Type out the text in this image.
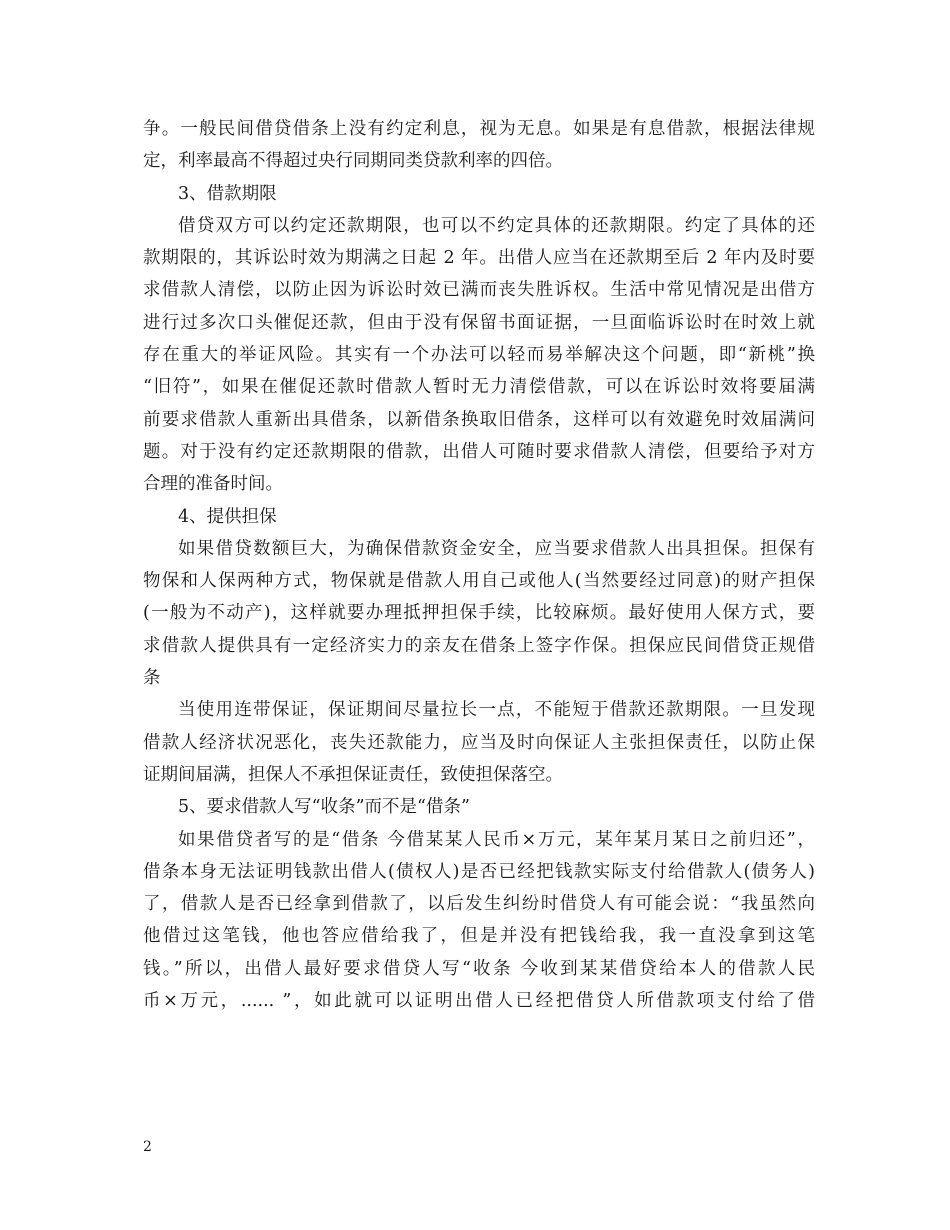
争。一般民间借贷借条上没有约定利息，视为无息。如果是有息借款，根据法律规
定，利率最高不得超过央行同期同类贷款利率的四倍。
3、借款期限
借贷双方可以约定还款期限，也可以不约定具体的还款期限。约定了具体的还
款期限的，其诉讼时效为期满之日起 2 年。出借人应当在还款期至后 2 年内及时要
求借款人清偿，以防止因为诉讼时效已满而丧失胜诉权。生活中常见情况是出借方
进行过多次口头催促还款，但由于没有保留书面证据，一旦面临诉讼时在时效上就
存在重大的举证风险。其实有一个办法可以轻而易举解决这个问题，即“新桃”换
“旧符”，如果在催促还款时借款人暂时无力清偿借款，可以在诉讼时效将要届满
前要求借款人重新出具借条，以新借条换取旧借条，这样可以有效避免时效届满问
题。对于没有约定还款期限的借款，出借人可随时要求借款人清偿，但要给予对方
合理的准备时间。
4、提供担保
如果借贷数额巨大，为确保借款资金安全，应当要求借款人出具担保。担保有
物保和人保两种方式，物保就是借款人用自己或他人(当然要经过同意)的财产担保
(一般为不动产)，这样就要办理抵押担保手续，比较麻烦。最好使用人保方式，要
求借款人提供具有一定经济实力的亲友在借条上签字作保。担保应民间借贷正规借
条
当使用连带保证，保证期间尽量拉长一点，不能短于借款还款期限。一旦发现
借款人经济状况恶化，丧失还款能力，应当及时向保证人主张担保责任，以防止保
证期间届满，担保人不承担保证责任，致使担保落空。
5、要求借款人写“收条”而不是“借条”
如果借贷者写的是“借条 今借某某人民币×万元，某年某月某日之前归还”，
借条本身无法证明钱款出借人(债权人)是否已经把钱款实际支付给借款人(债务人)
了，借款人是否已经拿到借款了，以后发生纠纷时借贷人有可能会说：“我虽然向
他借过这笔钱，他也答应借给我了，但是并没有把钱给我，我一直没拿到这笔
钱。”所以，出借人最好要求借贷人写“收条 今收到某某借贷给本人的借款人民
币×万元，...... ”，如此就可以证明出借人已经把借贷人所借款项支付给了借
2
